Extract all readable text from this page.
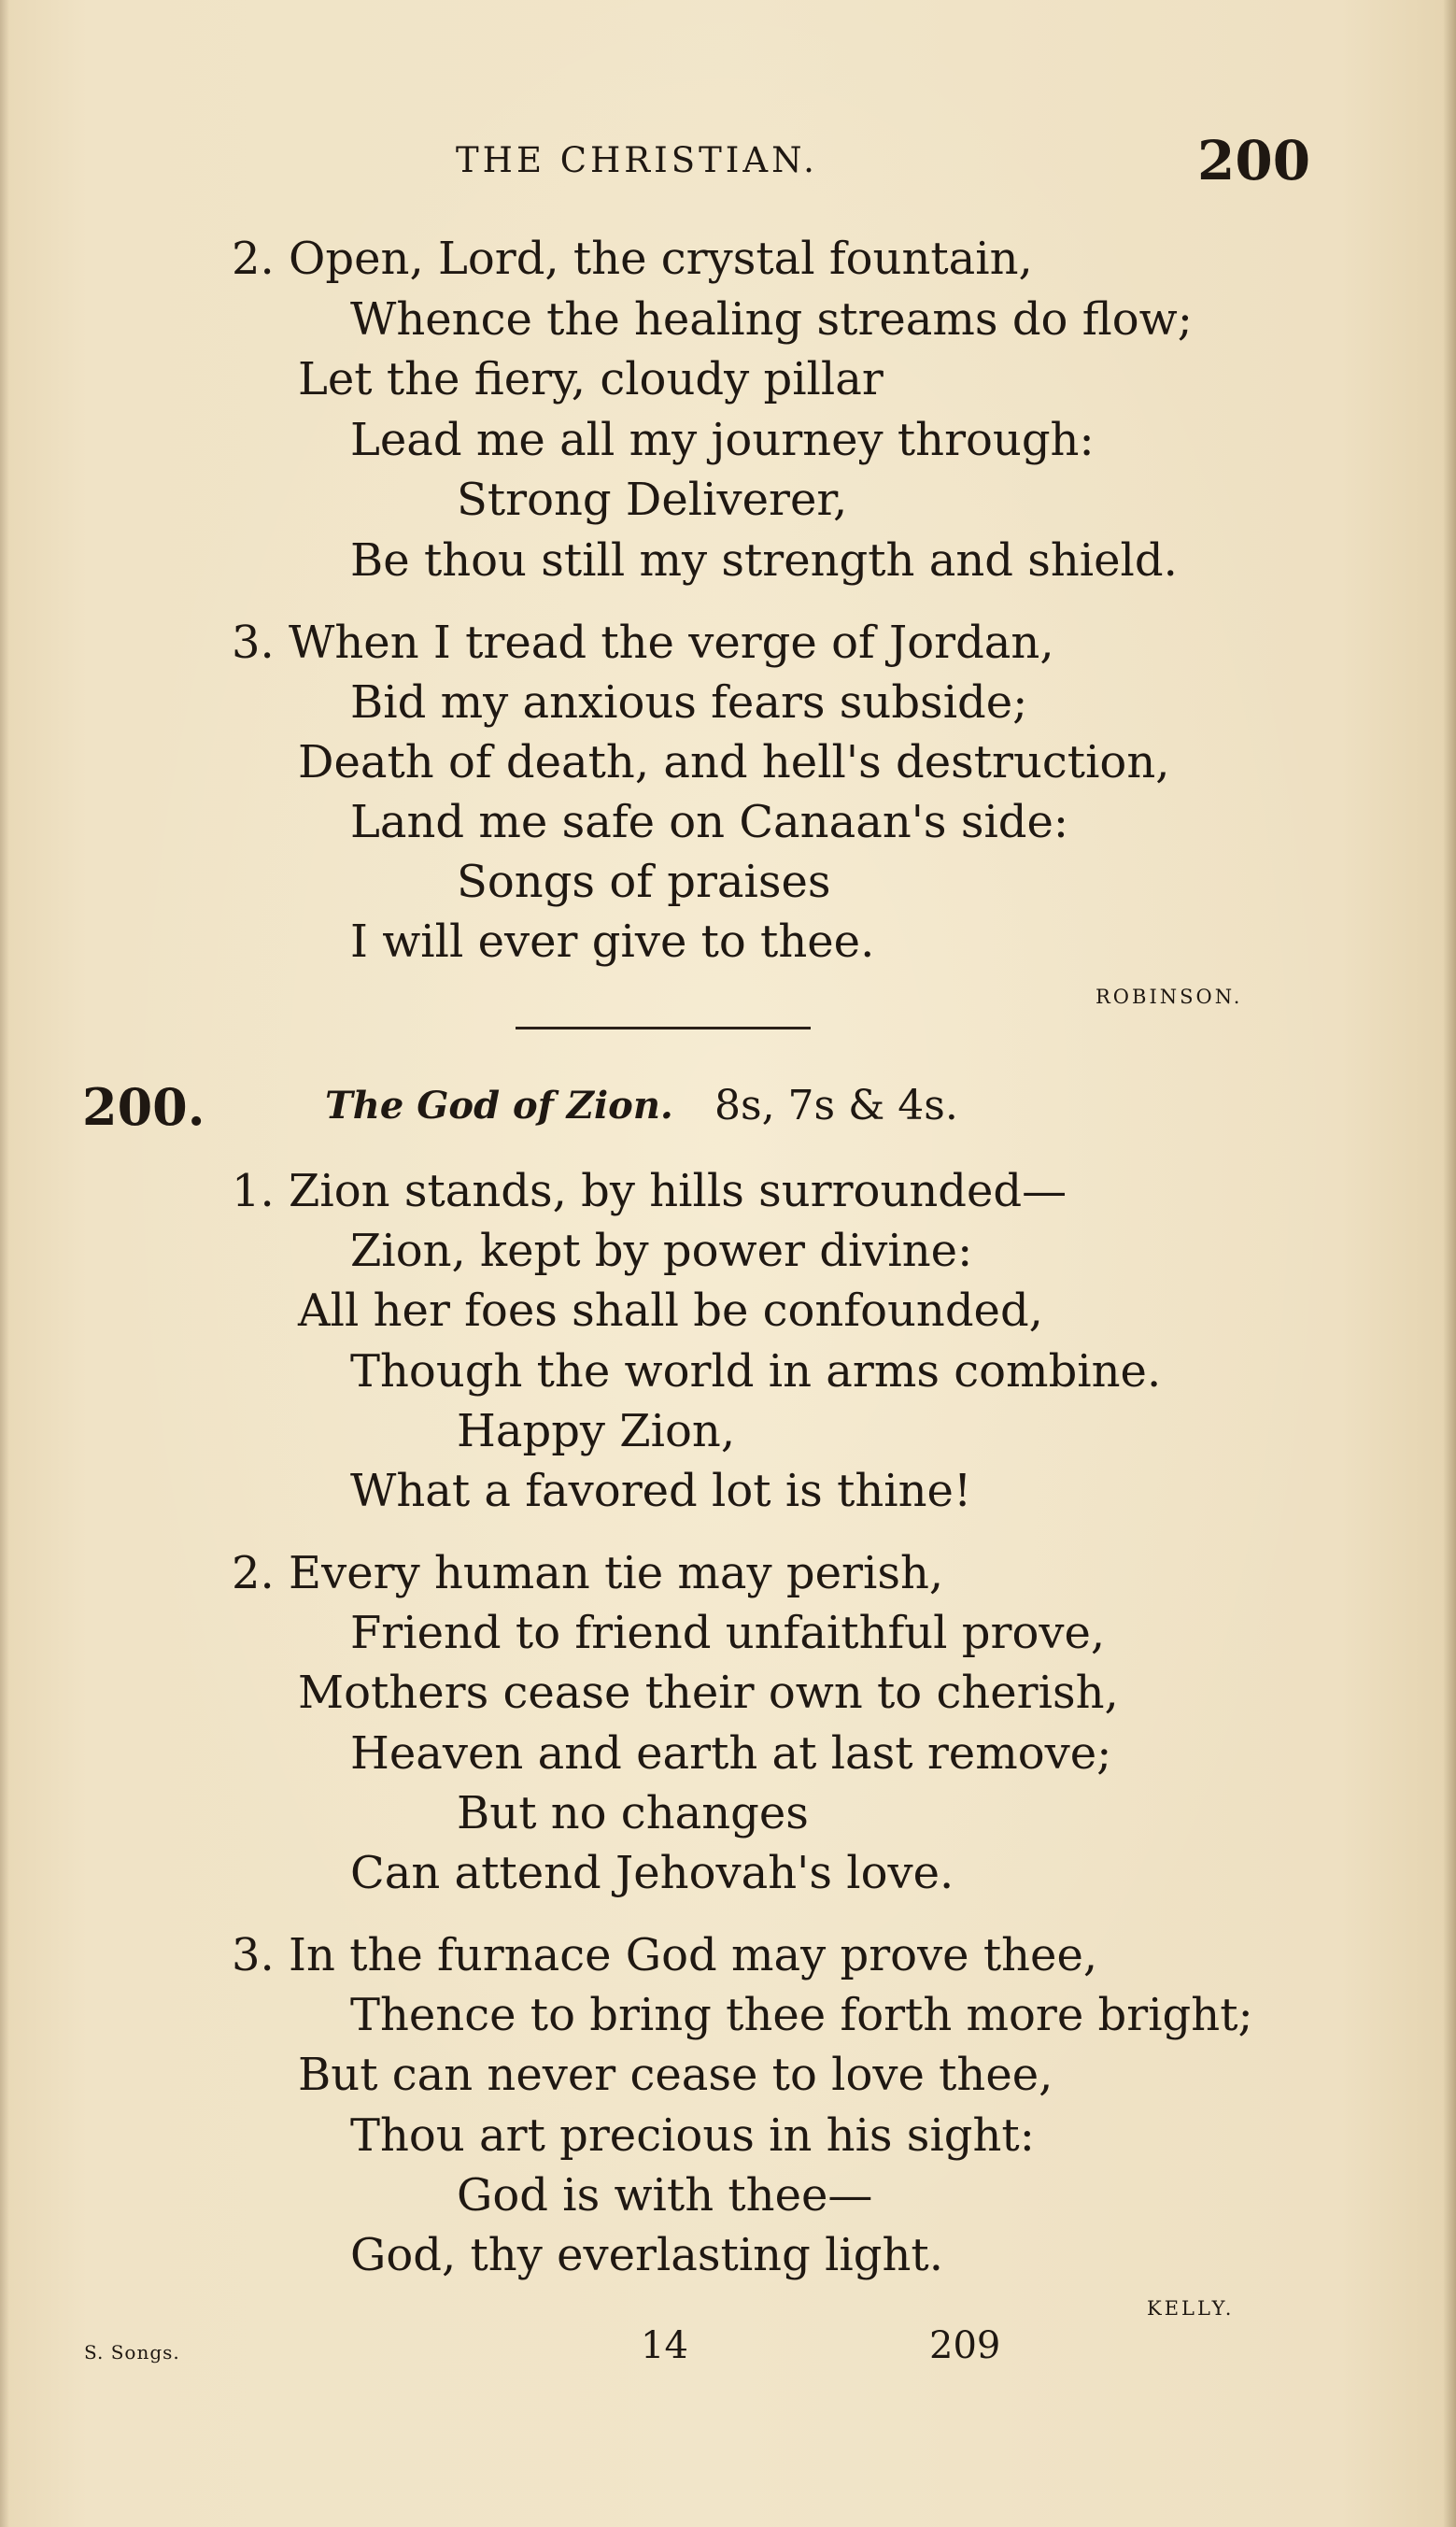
THE CHRISTIAN.	200
2. Open, Lord, the crystal fountain,
Whence the healing streams do flow;
Let the fiery, cloudy pillar
Lead me all my journey through:
Strong Deliverer,
Be thou still my strength and shield.
3. When I tread the verge of Jordan,
Bid my anxious fears subside;
Death of death, and hell's destruction,
Land me safe on Canaan's side:
Songs of praises
I will ever give to thee.
ROBINSON.
200.	The God of Zion. 8s, 7s & 4s.
1. Zion stands, by hills surrounded—
Zion, kept by power divine:
All her foes shall be confounded,
Though the world in arms combine.
Happy Zion,
What a favored lot is thine!
2. Every human tie may perish,
Friend to friend unfaithful prove,
Mothers cease their own to cherish,
Heaven and earth at last remove;
But no changes
Can attend Jehovah's love.
3. In the furnace God may prove thee,
Thence to bring thee forth more bright;
But can never cease to love thee,
Thou art precious in his sight:
God is with thee—
God, thy everlasting light.
KELLY.
S. Songs.	14	209
